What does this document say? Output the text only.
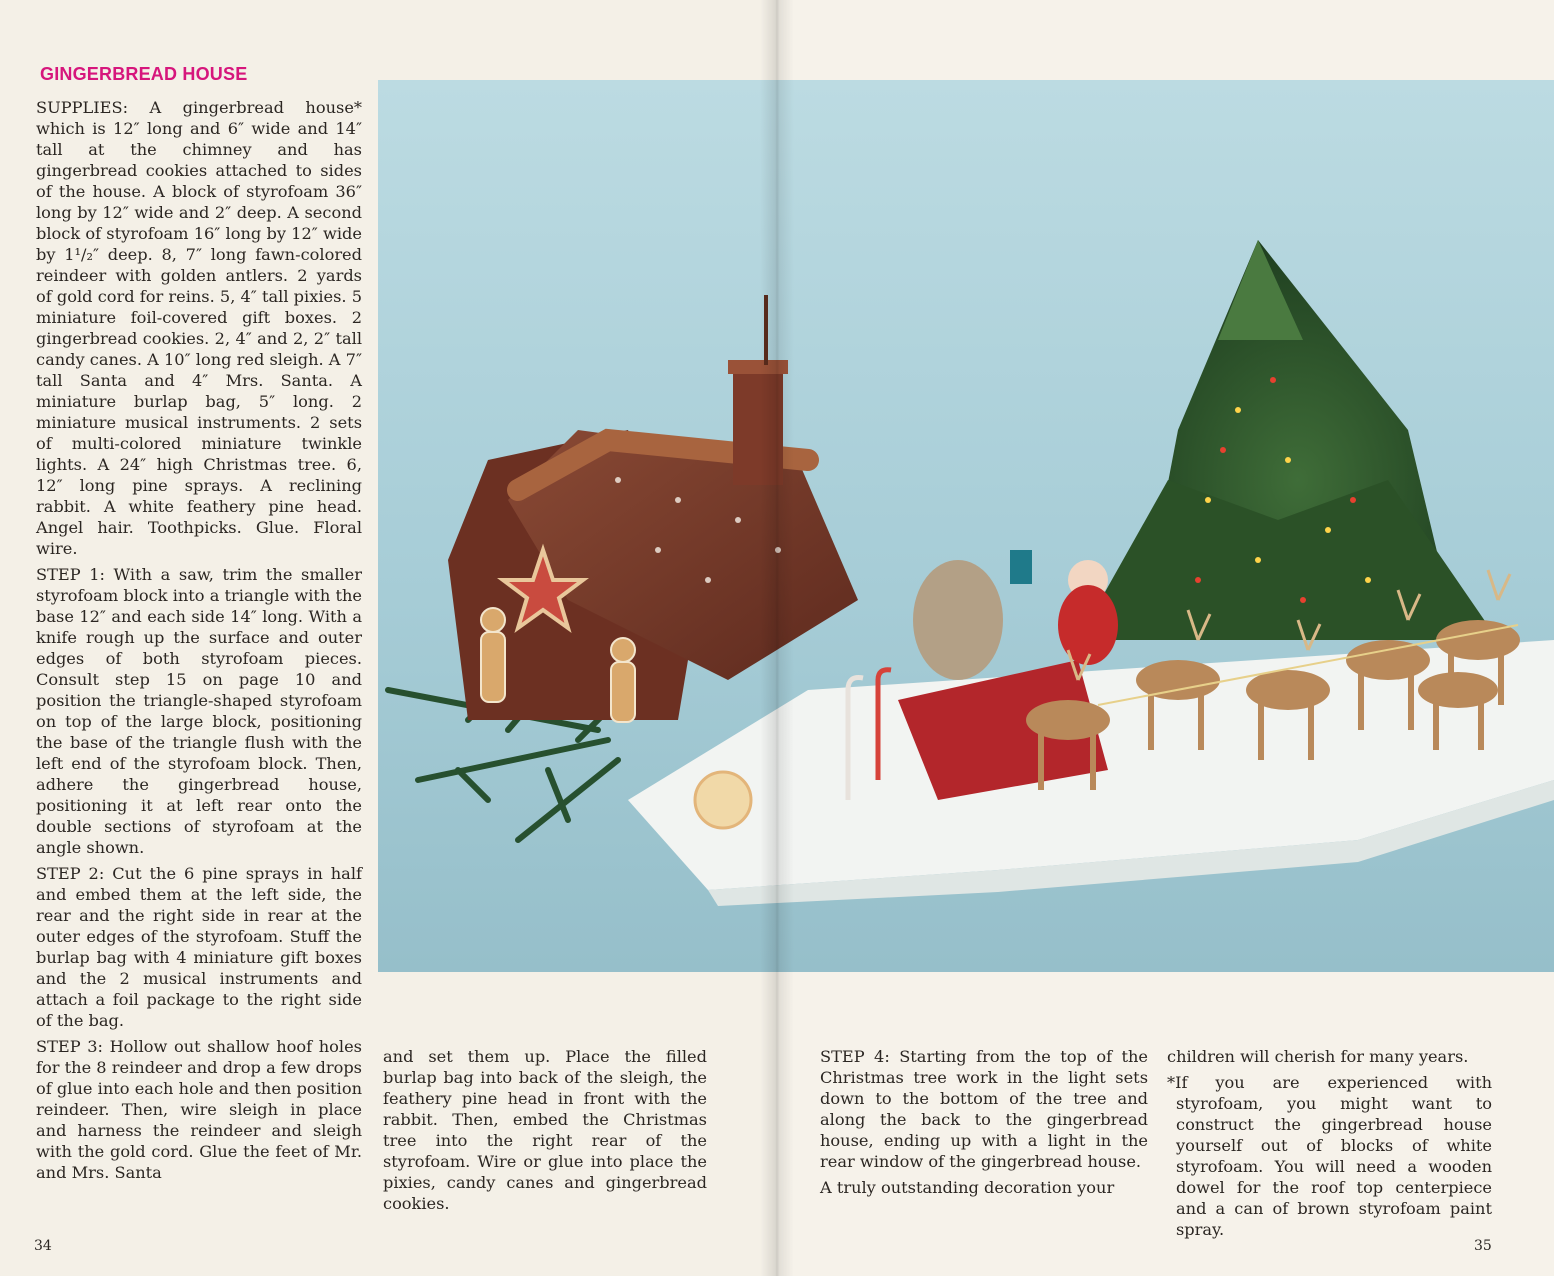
GINGERBREAD HOUSE

SUPPLIES: A gingerbread house* which is 12″ long and 6″ wide and 14″ tall at the chimney and has gingerbread cookies attached to sides of the house. A block of styrofoam 36″ long by 12″ wide and 2″ deep. A second block of styrofoam 16″ long by 12″ wide by 1¹/₂″ deep. 8, 7″ long fawn-colored reindeer with golden antlers. 2 yards of gold cord for reins. 5, 4″ tall pixies. 5 miniature foil-covered gift boxes. 2 gingerbread cookies. 2, 4″ and 2, 2″ tall candy canes. A 10″ long red sleigh. A 7″ tall Santa and 4″ Mrs. Santa. A miniature burlap bag, 5″ long. 2 miniature musical instruments. 2 sets of multi-colored miniature twinkle lights. A 24″ high Christmas tree. 6, 12″ long pine sprays. A reclining rabbit. A white feathery pine head. Angel hair. Toothpicks. Glue. Floral wire.

STEP 1: With a saw, trim the smaller styrofoam block into a triangle with the base 12″ and each side 14″ long. With a knife rough up the surface and outer edges of both styrofoam pieces. Consult step 15 on page 10 and position the triangle-shaped styrofoam on top of the large block, positioning the base of the triangle flush with the left end of the styrofoam block. Then, adhere the gingerbread house, positioning it at left rear onto the double sections of styrofoam at the angle shown.

STEP 2: Cut the 6 pine sprays in half and embed them at the left side, the rear and the right side in rear at the outer edges of the styrofoam. Stuff the burlap bag with 4 miniature gift boxes and the 2 musical instruments and attach a foil package to the right side of the bag.

STEP 3: Hollow out shallow hoof holes for the 8 reindeer and drop a few drops of glue into each hole and then position reindeer. Then, wire sleigh in place and harness the reindeer and sleigh with the gold cord. Glue the feet of Mr. and Mrs. Santa

and set them up. Place the filled burlap bag into back of the sleigh, the feathery pine head in front with the rabbit. Then, embed the Christmas tree into the right rear of the styrofoam. Wire or glue into place the pixies, candy canes and gingerbread cookies.

STEP 4: Starting from the top of the Christmas tree work in the light sets down to the bottom of the tree and along the back to the gingerbread house, ending up with a light in the rear window of the gingerbread house.

A truly outstanding decoration your

children will cherish for many years.

*If you are experienced with styrofoam, you might want to construct the gingerbread house yourself out of blocks of white styrofoam. You will need a wooden dowel for the roof top centerpiece and a can of brown styrofoam paint spray.

34	35
